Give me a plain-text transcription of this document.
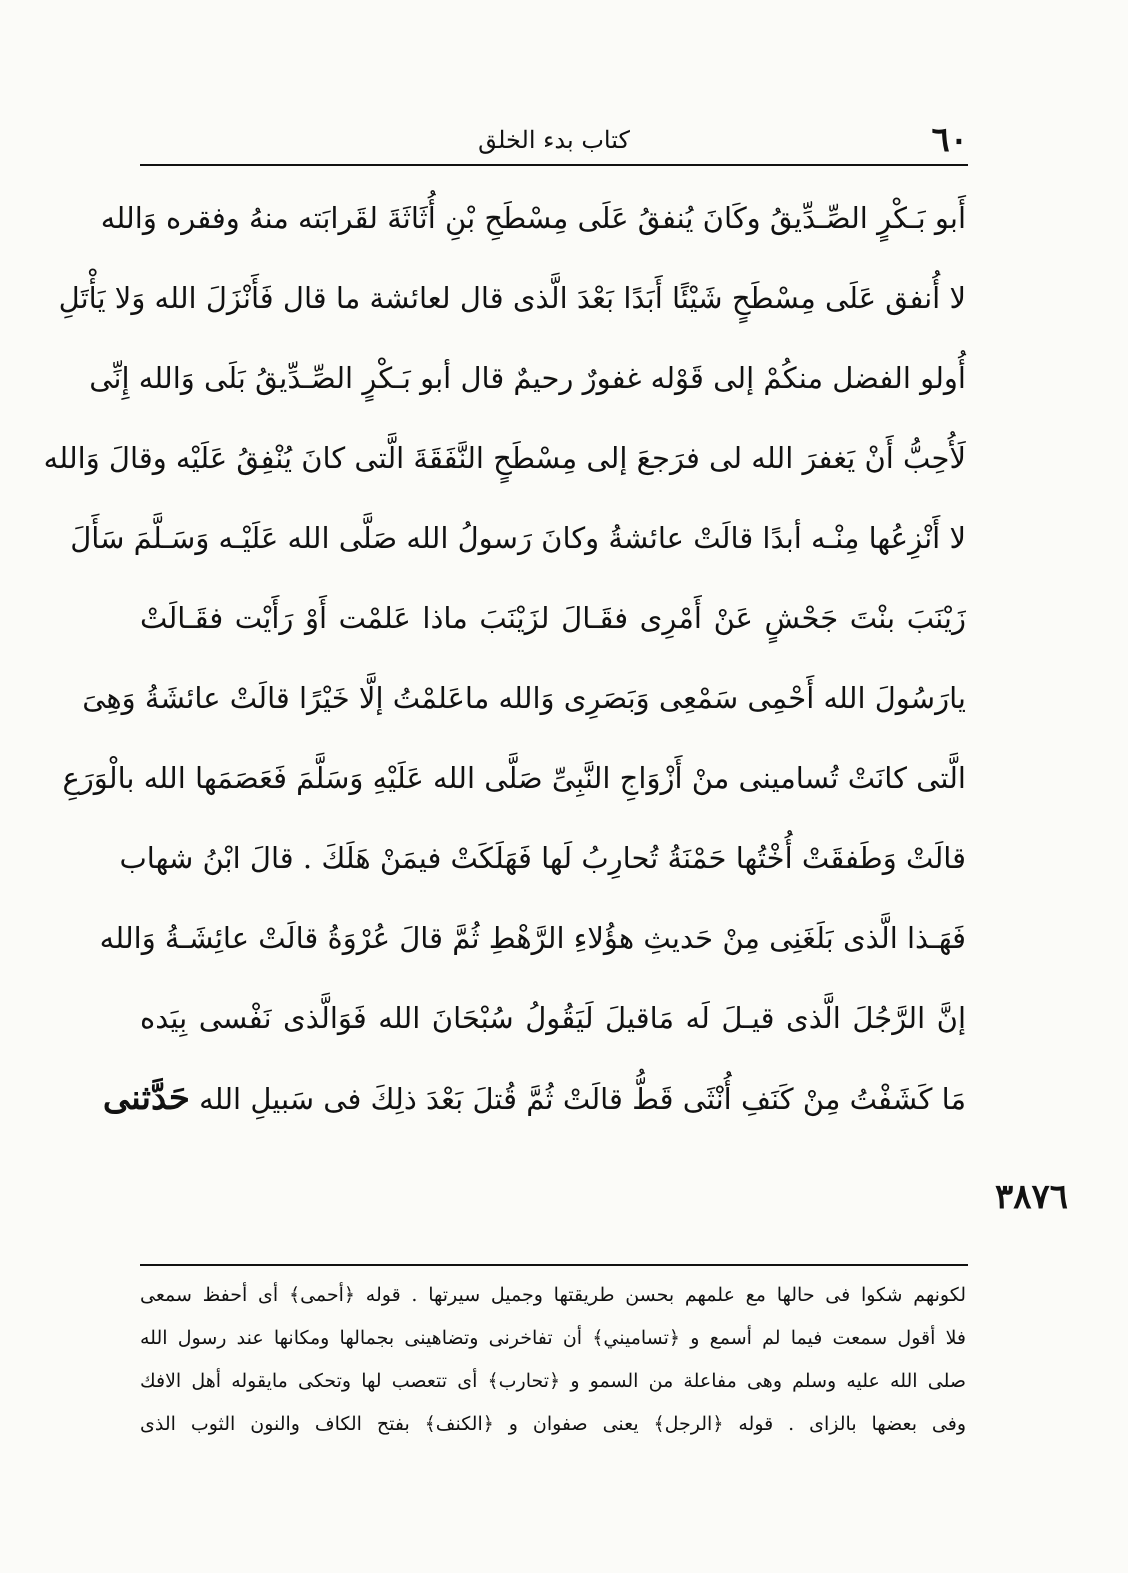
٦٠
كتاب بدء الخلق
أَبو بَـكْرٍ الصِّـدِّيقُ وكَانَ يُنفقُ عَلَى مِسْطَحِ بْنِ أُثَاثَةَ لقَرابَته منهُ وفقره وَالله
لا أُنفق عَلَى مِسْطَحٍ شَيْئًا أَبَدًا بَعْدَ الَّذى قال لعائشة ما قال فَأَنْزَلَ الله وَلا يَأْتَلِ
أُولو الفضل منكُمْ إلى قَوْله غفورٌ رحيمٌ قال أبو بَـكْرٍ الصِّـدِّيقُ بَلَى وَالله إِنِّى
لَأُحِبُّ أَنْ يَغفرَ الله لى فرَجعَ إلى مِسْطَحٍ النَّفَقَةَ الَّتى كانَ يُنْفِقُ عَلَيْه وقالَ وَالله
لا أَنْزِعُها مِنْـه أبدًا قالَتْ عائشةُ وكانَ رَسولُ الله صَلَّى الله عَلَيْـه وَسَـلَّمَ سَأَلَ
زَيْنَبَ بنْتَ جَحْشٍ عَنْ أَمْرِى فقَـالَ لزَيْنَبَ ماذا عَلمْت أَوْ رَأَيْت فقَـالَتْ
يارَسُولَ الله أَحْمِى سَمْعِى وَبَصَرِى وَالله ماعَلمْتُ إلَّا خَيْرًا قالَتْ عائشَةُ وَهِىَ
الَّتى كانَتْ تُسامينى منْ أَزْوَاجِ النَّبِىِّ صَلَّى الله عَلَيْهِ وَسَلَّمَ فَعَصَمَها الله بالْوَرَعِ
قالَتْ وَطَفقَتْ أُخْتُها حَمْنَةُ تُحارِبُ لَها فَهَلَكَتْ فيمَنْ هَلَكَ . قالَ ابْنُ شهاب
فَهَـذا الَّذى بَلَغَنِى مِنْ حَديثِ هؤُلاءِ الرَّهْطِ ثُمَّ قالَ عُرْوَةُ قالَتْ عائِشَـةُ وَالله
إنَّ الرَّجُلَ الَّذى قيـلَ لَه مَاقيلَ لَيَقُولُ سُبْحَانَ الله فَوَالَّذى نَفْسى بِيَده
مَا كَشَفْتُ مِنْ كَنَفِ أُنْثَى قَطُّ قالَتْ ثُمَّ قُتلَ بَعْدَ ذلِكَ فى سَبيلِ الله حَدَّثنى
٣٨٧٦
لكونهم شكوا فى حالها مع علمهم بحسن طريقتها وجميل سيرتها . قوله ﴿أحمى﴾ أى أحفظ سمعى
فلا أقول سمعت فيما لم أسمع و ﴿تساميني﴾ أن تفاخرنى وتضاهينى بجمالها ومكانها عند رسول الله
صلى الله عليه وسلم وهى مفاعلة من السمو و ﴿تحارب﴾ أى تتعصب لها وتحكى مايقوله أهل الافك
وفى بعضها بالزاى . قوله ﴿الرجل﴾ يعنى صفوان و ﴿الكنف﴾ بفتح الكاف والنون الثوب الذى
